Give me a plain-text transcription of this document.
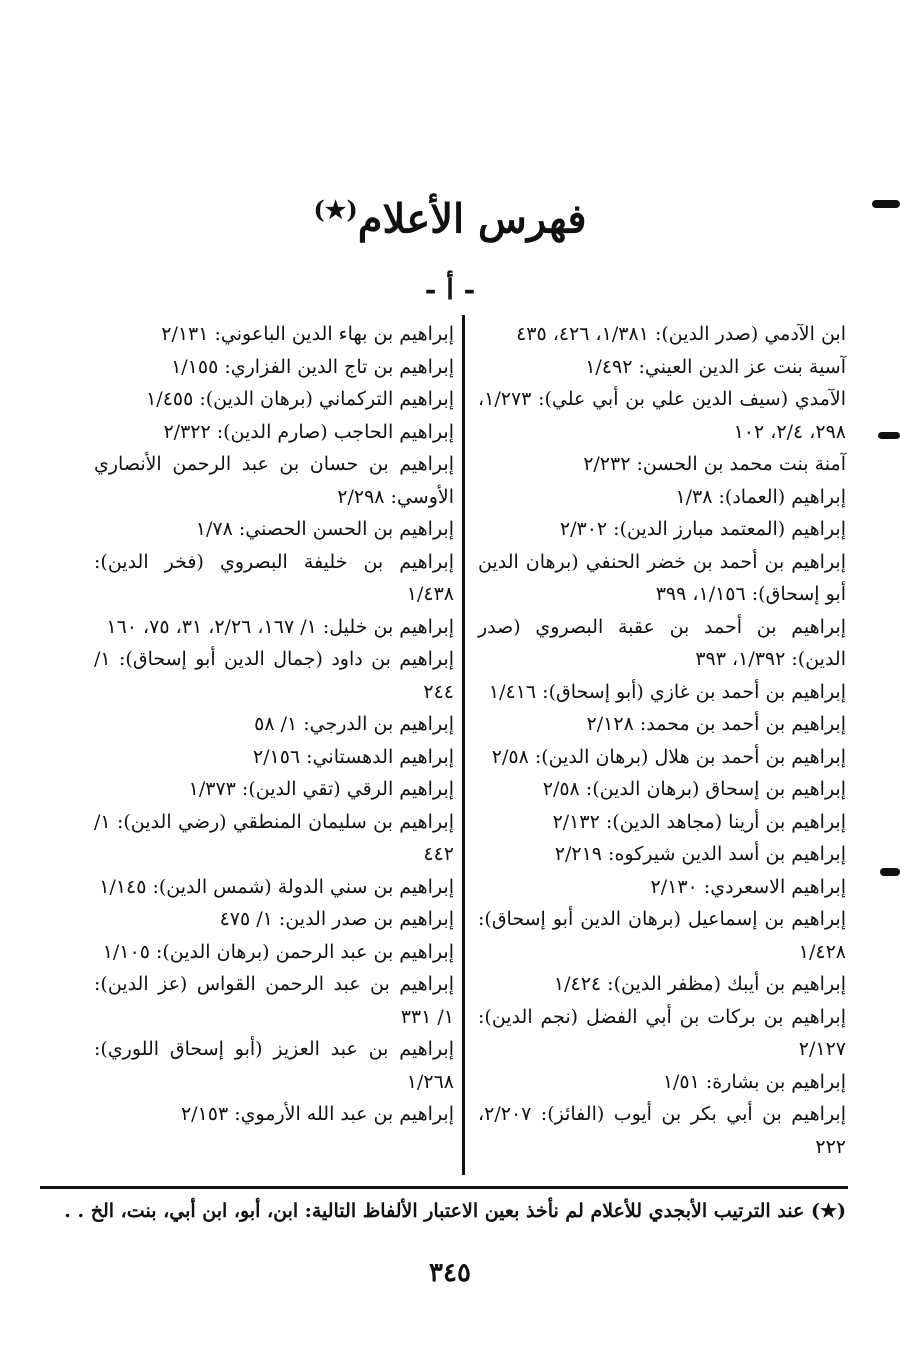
فهرس الأعلام(★)
- أ -
ابن الآدمي (صدر الدين): ١/٣٨١، ٤٢٦، ٤٣٥
آسية بنت عز الدين العيني: ١/٤٩٢
الآمدي (سيف الدين علي بن أبي علي): ١/٢٧٣، ٢٩٨، ٢/٤، ١٠٢
آمنة بنت محمد بن الحسن: ٢/٢٣٢
إبراهيم (العماد): ١/٣٨
إبراهيم (المعتمد مبارز الدين): ٢/٣٠٢
إبراهيم بن أحمد بن خضر الحنفي (برهان الدين أبو إسحاق): ١/١٥٦، ٣٩٩
إبراهيم بن أحمد بن عقبة البصروي (صدر الدين): ١/٣٩٢، ٣٩٣
إبراهيم بن أحمد بن غازي (أبو إسحاق): ١/٤١٦
إبراهيم بن أحمد بن محمد: ٢/١٢٨
إبراهيم بن أحمد بن هلال (برهان الدين): ٢/٥٨
إبراهيم بن إسحاق (برهان الدين): ٢/٥٨
إبراهيم بن أرينا (مجاهد الدين): ٢/١٣٢
إبراهيم بن أسد الدين شيركوه: ٢/٢١٩
إبراهيم الاسعردي: ٢/١٣٠
إبراهيم بن إسماعيل (برهان الدين أبو إسحاق): ١/٤٢٨
إبراهيم بن أيبك (مظفر الدين): ١/٤٢٤
إبراهيم بن بركات بن أبي الفضل (نجم الدين): ٢/١٢٧
إبراهيم بن بشارة: ١/٥١
إبراهيم بن أبي بكر بن أيوب (الفائز): ٢/٢٠٧، ٢٢٢
إبراهيم بن بهاء الدين الباعوني: ٢/١٣١
إبراهيم بن تاج الدين الفزاري: ١/١٥٥
إبراهيم التركماني (برهان الدين): ١/٤٥٥
إبراهيم الحاجب (صارم الدين): ٢/٣٢٢
إبراهيم بن حسان بن عبد الرحمن الأنصاري الأوسي: ٢/٢٩٨
إبراهيم بن الحسن الحصني: ١/٧٨
إبراهيم بن خليفة البصروي (فخر الدين): ١/٤٣٨
إبراهيم بن خليل: ١/ ١٦٧، ٢/٢٦، ٣١، ٧٥، ١٦٠
إبراهيم بن داود (جمال الدين أبو إسحاق): ١/ ٢٤٤
إبراهيم بن الدرجي: ١/ ٥٨
إبراهيم الدهستاني: ٢/١٥٦
إبراهيم الرقي (تقي الدين): ١/٣٧٣
إبراهيم بن سليمان المنطقي (رضي الدين): ١/ ٤٤٢
إبراهيم بن سني الدولة (شمس الدين): ١/١٤٥
إبراهيم بن صدر الدين: ١/ ٤٧٥
إبراهيم بن عبد الرحمن (برهان الدين): ١/١٠٥
إبراهيم بن عبد الرحمن القواس (عز الدين): ١/ ٣٣١
إبراهيم بن عبد العزيز (أبو إسحاق اللوري): ١/٢٦٨
إبراهيم بن عبد الله الأرموي: ٢/١٥٣
(★) عند الترتيب الأبجدي للأعلام لم نأخذ بعين الاعتبار الألفاظ التالية: ابن، أبو، ابن أبي، بنت، الخ . .
٣٤٥
